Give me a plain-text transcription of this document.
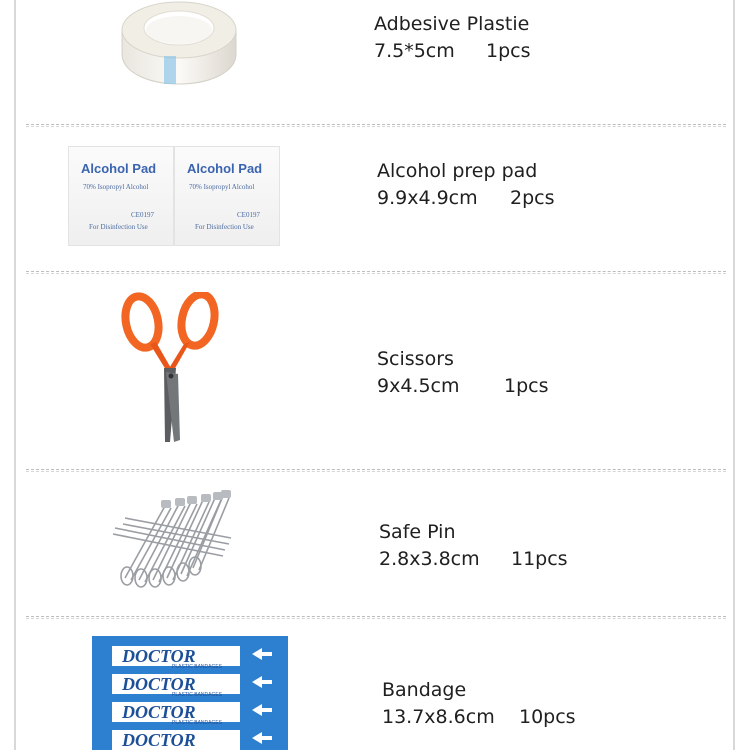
Adbesive Plastie
7.5*5cm 1pcs
Alcohol Pad
70% Isopropyl Alcohol
CE0197
For Disinfection Use
Alcohol Pad
70% Isopropyl Alcohol
CE0197
For Disinfection Use
Alcohol prep pad
9.9x4.9cm 2pcs
Scissors
9x4.5cm 1pcs
Safe Pin
2.8x3.8cm 11pcs
DOCTOR
DOCTOR
DOCTOR
DOCTOR
PLASTIC BANDAGES
PLASTIC BANDAGES
PLASTIC BANDAGES
Bandage
13.7x8.6cm 10pcs
